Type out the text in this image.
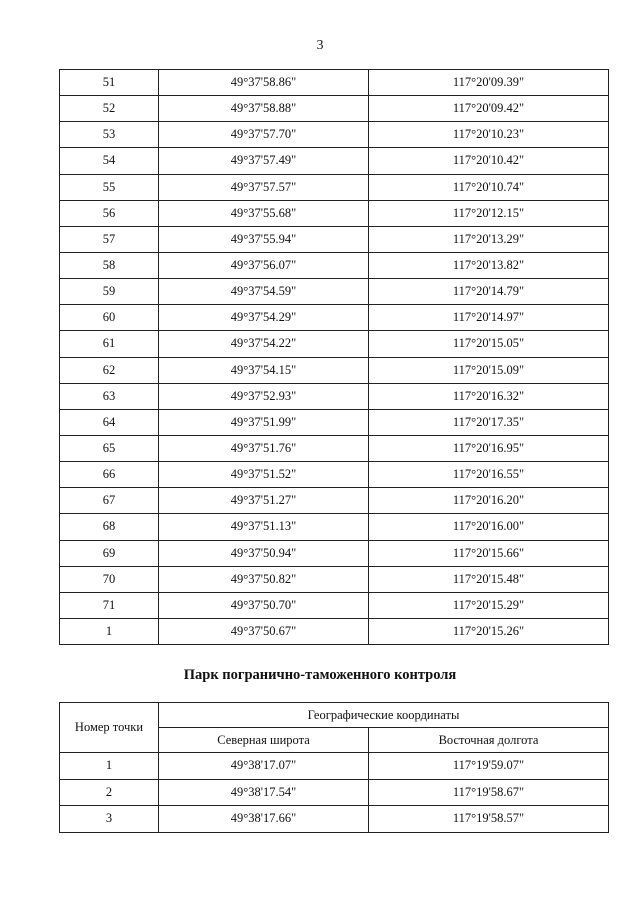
3
51	49°37'58.86"	117°20'09.39"
52	49°37'58.88"	117°20'09.42"
53	49°37'57.70"	117°20'10.23"
54	49°37'57.49"	117°20'10.42"
55	49°37'57.57"	117°20'10.74"
56	49°37'55.68"	117°20'12.15"
57	49°37'55.94"	117°20'13.29"
58	49°37'56.07"	117°20'13.82"
59	49°37'54.59"	117°20'14.79"
60	49°37'54.29"	117°20'14.97"
61	49°37'54.22"	117°20'15.05"
62	49°37'54.15"	117°20'15.09"
63	49°37'52.93"	117°20'16.32"
64	49°37'51.99"	117°20'17.35"
65	49°37'51.76"	117°20'16.95"
66	49°37'51.52"	117°20'16.55"
67	49°37'51.27"	117°20'16.20"
68	49°37'51.13"	117°20'16.00"
69	49°37'50.94"	117°20'15.66"
70	49°37'50.82"	117°20'15.48"
71	49°37'50.70"	117°20'15.29"
1	49°37'50.67"	117°20'15.26"
Парк пограничнo-таможенного контроля
Номер точки	Географические координаты	
	Северная широта	Восточная долгота
1	49°38'17.07"	117°19'59.07"
2	49°38'17.54"	117°19'58.67"
3	49°38'17.66"	117°19'58.57"
